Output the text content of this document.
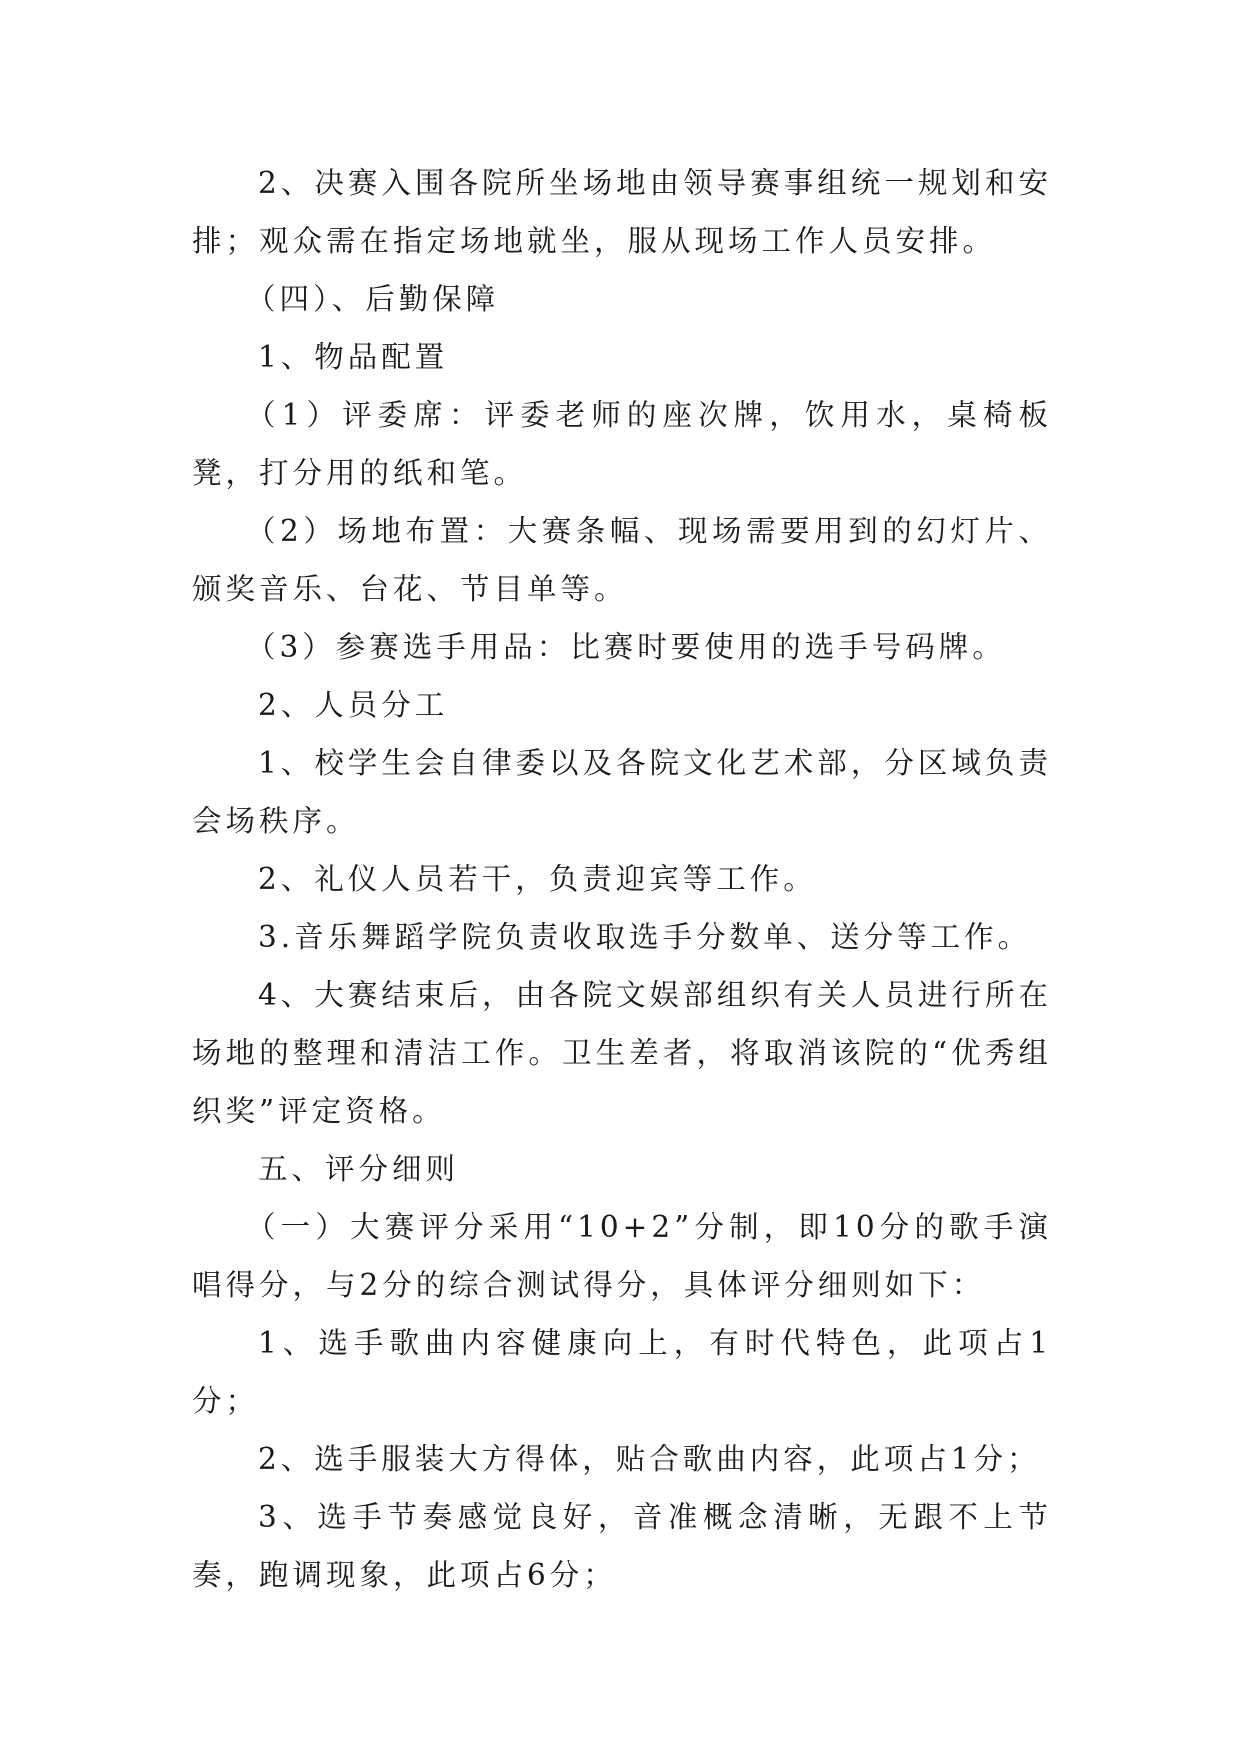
2、决赛入围各院所坐场地由领导赛事组统一规划和安排；观众需在指定场地就坐，服从现场工作人员安排。

（四）、后勤保障

1、物品配置

（1）评委席：评委老师的座次牌，饮用水，桌椅板凳，打分用的纸和笔。

（2）场地布置：大赛条幅、现场需要用到的幻灯片、颁奖音乐、台花、节目单等。

（3）参赛选手用品：比赛时要使用的选手号码牌。

2、人员分工

1、校学生会自律委以及各院文化艺术部，分区域负责会场秩序。

2、礼仪人员若干，负责迎宾等工作。

3.音乐舞蹈学院负责收取选手分数单、送分等工作。

4、大赛结束后，由各院文娱部组织有关人员进行所在场地的整理和清洁工作。卫生差者，将取消该院的“优秀组织奖”评定资格。

五、评分细则

（一）大赛评分采用“10+2”分制，即10分的歌手演唱得分，与2分的综合测试得分，具体评分细则如下：

1、选手歌曲内容健康向上，有时代特色，此项占1分；

2、选手服装大方得体，贴合歌曲内容，此项占1分；

3、选手节奏感觉良好，音准概念清晰，无跟不上节奏，跑调现象，此项占6分；
